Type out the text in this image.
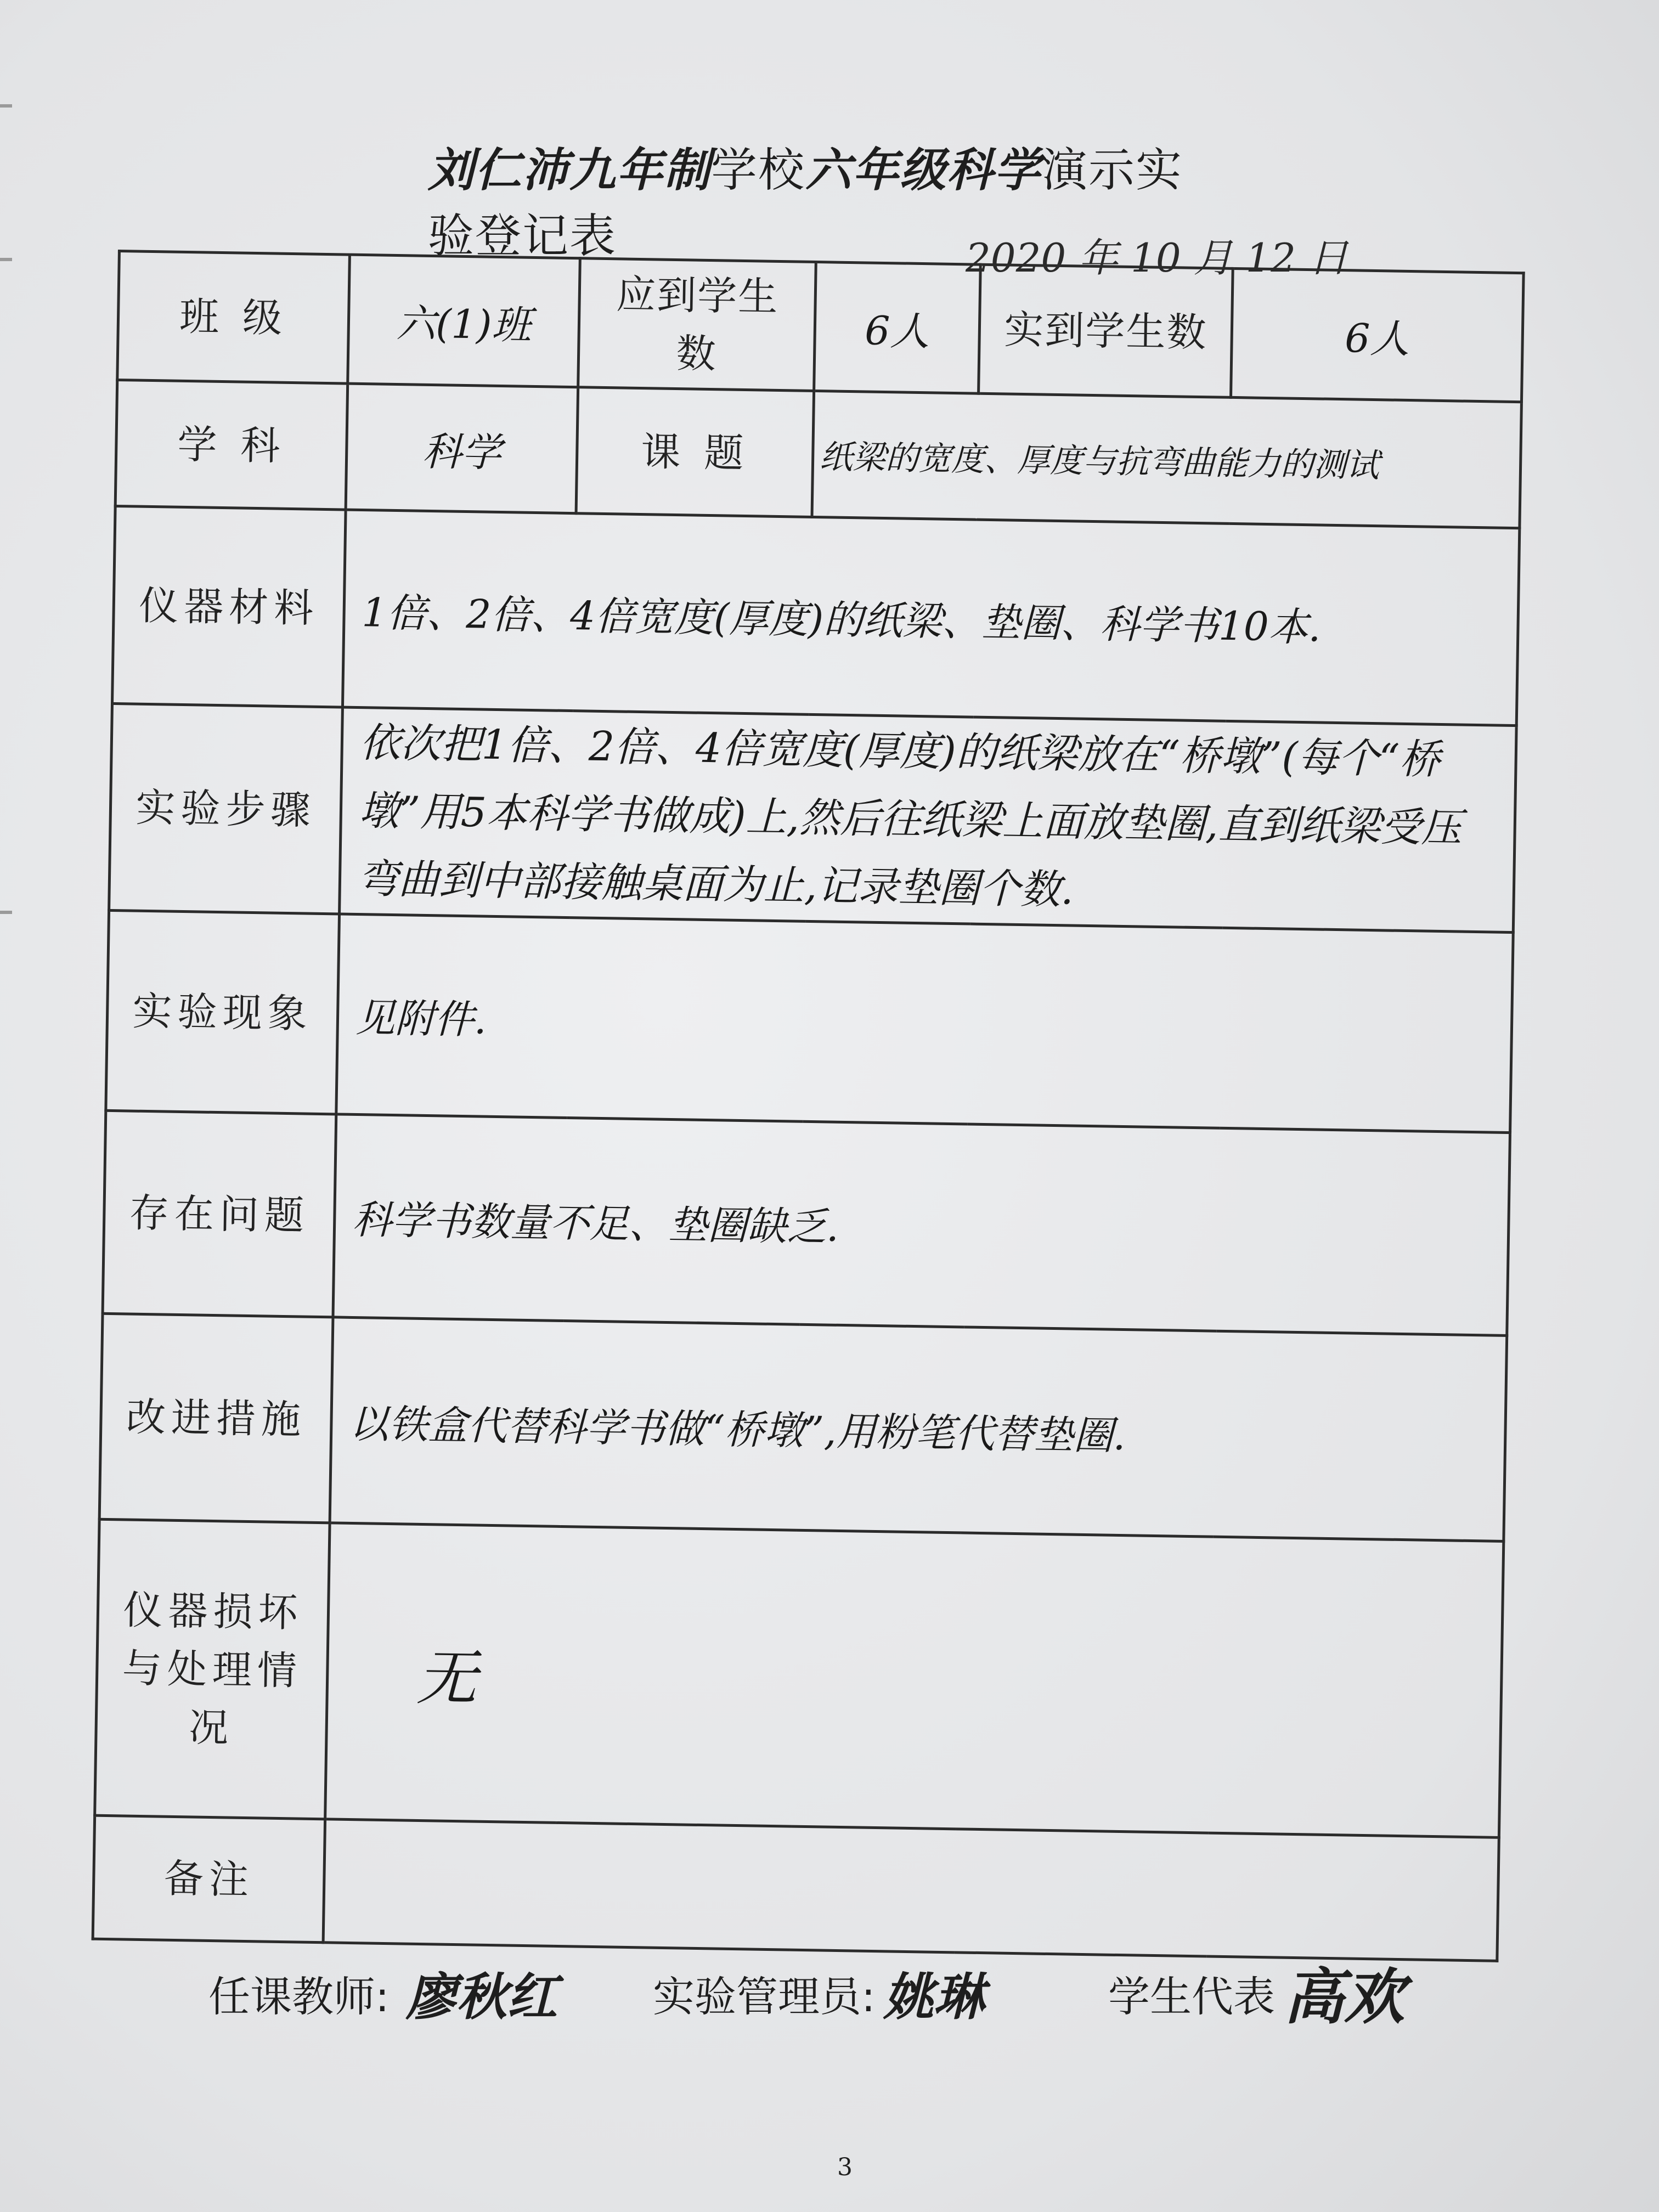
刘仁沛九年制学校六年级科学演示实验登记表	2020 年 10 月 12 日
班 级	六(1)班	应到学生数	6人	实到学生数	6人
学 科	科学	课 题	纸梁的宽度、厚度与抗弯曲能力的测试		
仪器材料	1倍、2倍、4倍宽度(厚度)的纸梁、垫圈、科学书10本.				
实验步骤	依次把1倍、2倍、4倍宽度(厚度)的纸梁放在“桥墩”(每个“桥墩”用5本科学书做成)上,然后往纸梁上面放垫圈,直到纸梁受压弯曲到中部接触桌面为止,记录垫圈个数.				
实验现象	见附件.				
存在问题	科学书数量不足、垫圈缺乏.				
改进措施	以铁盒代替科学书做“桥墩”,用粉笔代替垫圈.				
仪器损坏与处理情况	无				
备注					
任课教师: 廖秋红 实验管理员: 姚琳	学生代表 高欢
3
